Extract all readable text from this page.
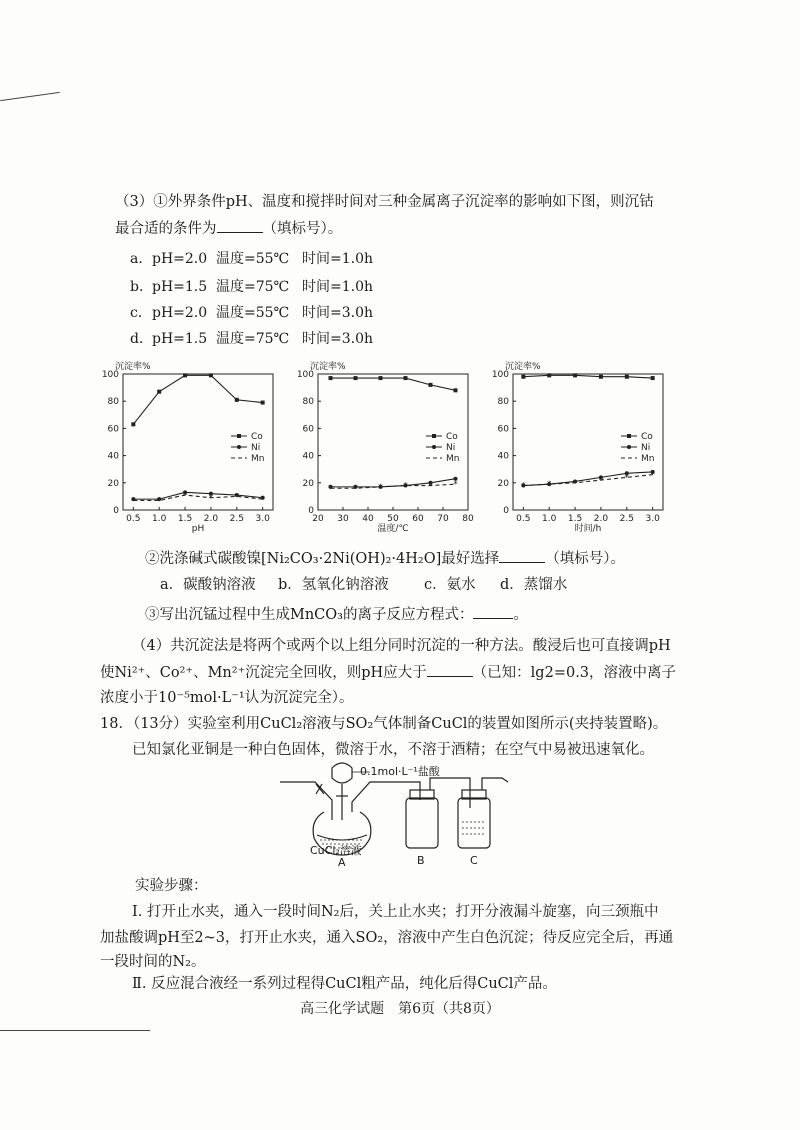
（3）①外界条件pH、温度和搅拌时间对三种金属离子沉淀率的影响如下图，则沉钴
最合适的条件为	（填标号）。
a．pH=2.0 温度=55℃ 时间=1.0h
b．pH=1.5 温度=75℃ 时间=1.0h
c．pH=2.0 温度=55℃ 时间=3.0h
d．pH=1.5 温度=75℃ 时间=3.0h
沉淀率%
0
20
40
60
80
100
0.5 1.0 1.5 2.0 2.5 3.0
pH
* *
* * * *
Co
Ni
Mn
沉淀率%
0
20
40
60
80
100
20 30 40 50 60 70 80
温度/℃
* * * * * *
Co
Ni
Mn
沉淀率%
0
20
40
60
80
100
0.5 1.0 1.5 2.0 2.5 3.0
时间/h
* * * * * *
Co
Ni
Mn
②洗涤碱式碳酸镍[Ni₂CO₃·2Ni(OH)₂·4H₂O]最好选择	（填标号）。
a．碳酸钠溶液 b．氢氧化钠溶液 c．氨水 d．蒸馏水
③写出沉锰过程中生成MnCO₃的离子反应方程式：	。
（4）共沉淀法是将两个或两个以上组分同时沉淀的一种方法。酸浸后也可直接调pH
使Ni²⁺、Co²⁺、Mn²⁺沉淀完全回收，则pH应大于	（已知：lg2=0.3，溶液中离子
浓度小于10⁻⁵mol·L⁻¹认为沉淀完全）。
18．（13分）实验室利用CuCl₂溶液与SO₂气体制备CuCl的装置如图所示(夹持装置略)。
已知氯化亚铜是一种白色固体，微溶于水，不溶于酒精；在空气中易被迅速氧化。
0.1mol·L⁻¹盐酸
CuCl₂溶液
A	B	C
实验步骤：
Ⅰ. 打开止水夹，通入一段时间N₂后，关上止水夹；打开分液漏斗旋塞，向三颈瓶中
加盐酸调pH至2~3，打开止水夹，通入SO₂，溶液中产生白色沉淀；待反应完全后，再通
一段时间的N₂。
Ⅱ. 反应混合液经一系列过程得CuCl粗产品，纯化后得CuCl产品。
高三化学试题　第6页（共8页）
